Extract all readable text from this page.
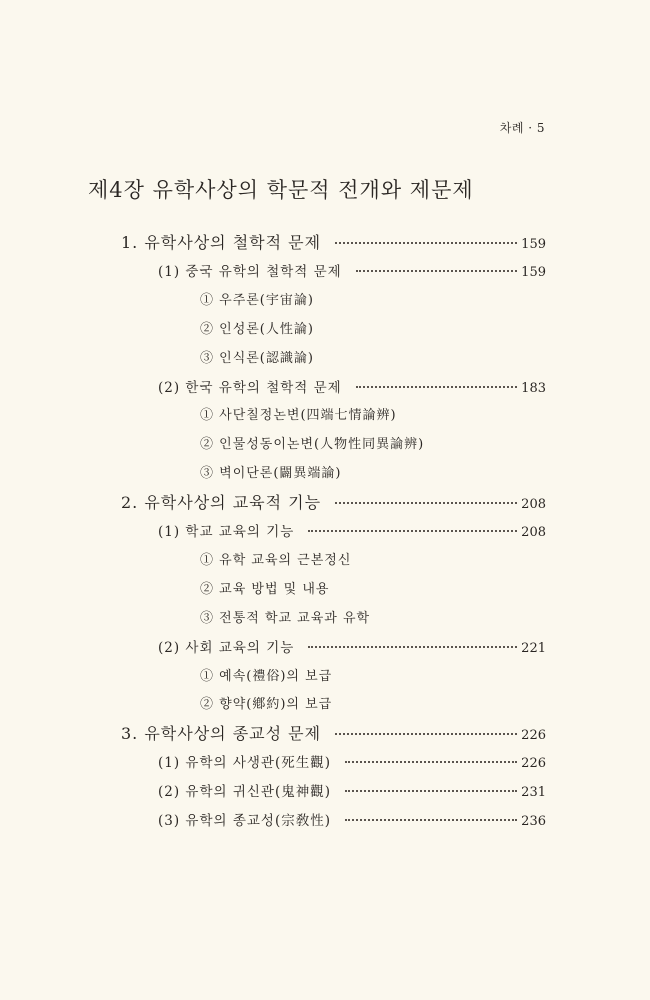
차례 · 5
제4장 유학사상의 학문적 전개와 제문제
1. 유학사상의 철학적 문제	159
(1) 중국 유학의 철학적 문제	159
① 우주론(宇宙論)
② 인성론(人性論)
③ 인식론(認識論)
(2) 한국 유학의 철학적 문제	183
① 사단칠정논변(四端七情論辨)
② 인물성동이논변(人物性同異論辨)
③ 벽이단론(闢異端論)
2. 유학사상의 교육적 기능	208
(1) 학교 교육의 기능	208
① 유학 교육의 근본정신
② 교육 방법 및 내용
③ 전통적 학교 교육과 유학
(2) 사회 교육의 기능	221
① 예속(禮俗)의 보급
② 향약(鄕約)의 보급
3. 유학사상의 종교성 문제	226
(1) 유학의 사생관(死生觀)	226
(2) 유학의 귀신관(鬼神觀)	231
(3) 유학의 종교성(宗敎性)	236
